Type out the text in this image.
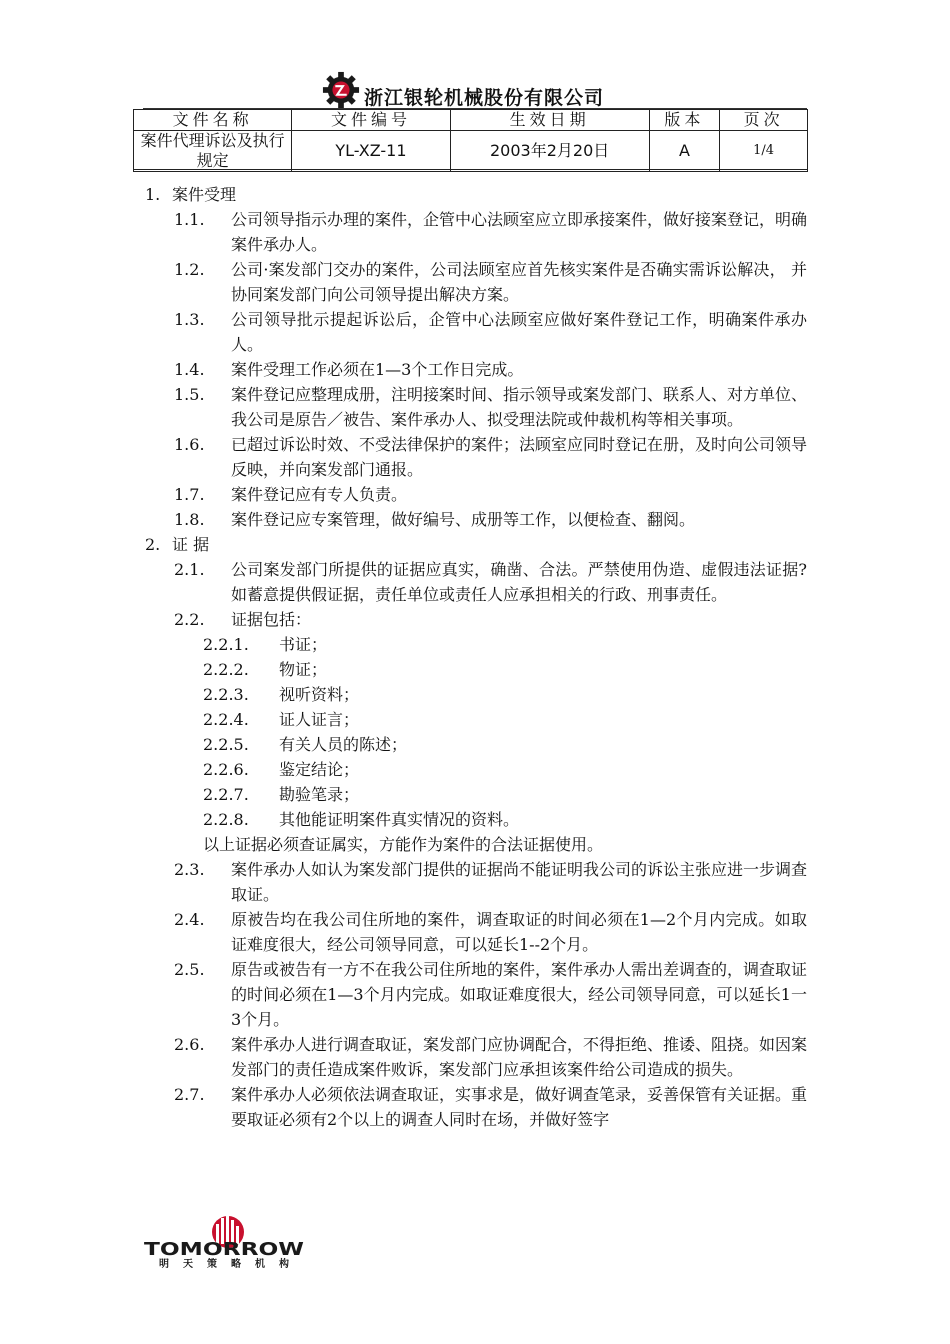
浙江银轮机械股份有限公司
文件名称	文件编号	生效日期	版本	页次
案件代理诉讼及执行规定	YL-XZ-11	2003年2月20日	A	1/4
1. 案件受理
1.1. 公司领导指示办理的案件，企管中心法顾室应立即承接案件，做好接案登记，明确案件承办人。
1.2. 公司·案发部门交办的案件，公司法顾室应首先核实案件是否确实需诉讼解决， 并协同案发部门向公司领导提出解决方案。
1.3. 公司领导批示提起诉讼后，企管中心法顾室应做好案件登记工作，明确案件承办人。
1.4. 案件受理工作必须在1—3个工作日完成。
1.5. 案件登记应整理成册，注明接案时间、指示领导或案发部门、联系人、对方单位、我公司是原告／被告、案件承办人、拟受理法院或仲裁机构等相关事项。
1.6. 已超过诉讼时效、不受法律保护的案件；法顾室应同时登记在册，及时向公司领导反映，并向案发部门通报。
1.7. 案件登记应有专人负责。
1.8. 案件登记应专案管理，做好编号、成册等工作，以便检查、翻阅。
2. 证 据
2.1. 公司案发部门所提供的证据应真实，确凿、合法。严禁使用伪造、虚假违法证据?如蓄意提供假证据，责任单位或责任人应承担相关的行政、刑事责任。
2.2. 证据包括：
2.2.1. 书证；
2.2.2. 物证；
2.2.3. 视听资料；
2.2.4. 证人证言；
2.2.5. 有关人员的陈述；
2.2.6. 鉴定结论；
2.2.7. 勘验笔录；
2.2.8. 其他能证明案件真实情况的资料。
以上证据必须查证属实，方能作为案件的合法证据使用。
2.3. 案件承办人如认为案发部门提供的证据尚不能证明我公司的诉讼主张应进一步调查取证。
2.4. 原被告均在我公司住所地的案件，调查取证的时间必须在1—2个月内完成。如取证难度很大，经公司领导同意，可以延长1--2个月。
2.5. 原告或被告有一方不在我公司住所地的案件，案件承办人需出差调查的，调查取证的时间必须在1—3个月内完成。如取证难度很大，经公司领导同意，可以延长1一3个月。
2.6. 案件承办人进行调查取证，案发部门应协调配合，不得拒绝、推诿、阻挠。如因案发部门的责任造成案件败诉，案发部门应承担该案件给公司造成的损失。
2.7. 案件承办人必须依法调查取证，实事求是，做好调查笔录，妥善保管有关证据。重要取证必须有2个以上的调查人同时在场，并做好签字
TOMORROW
明天策略机构
